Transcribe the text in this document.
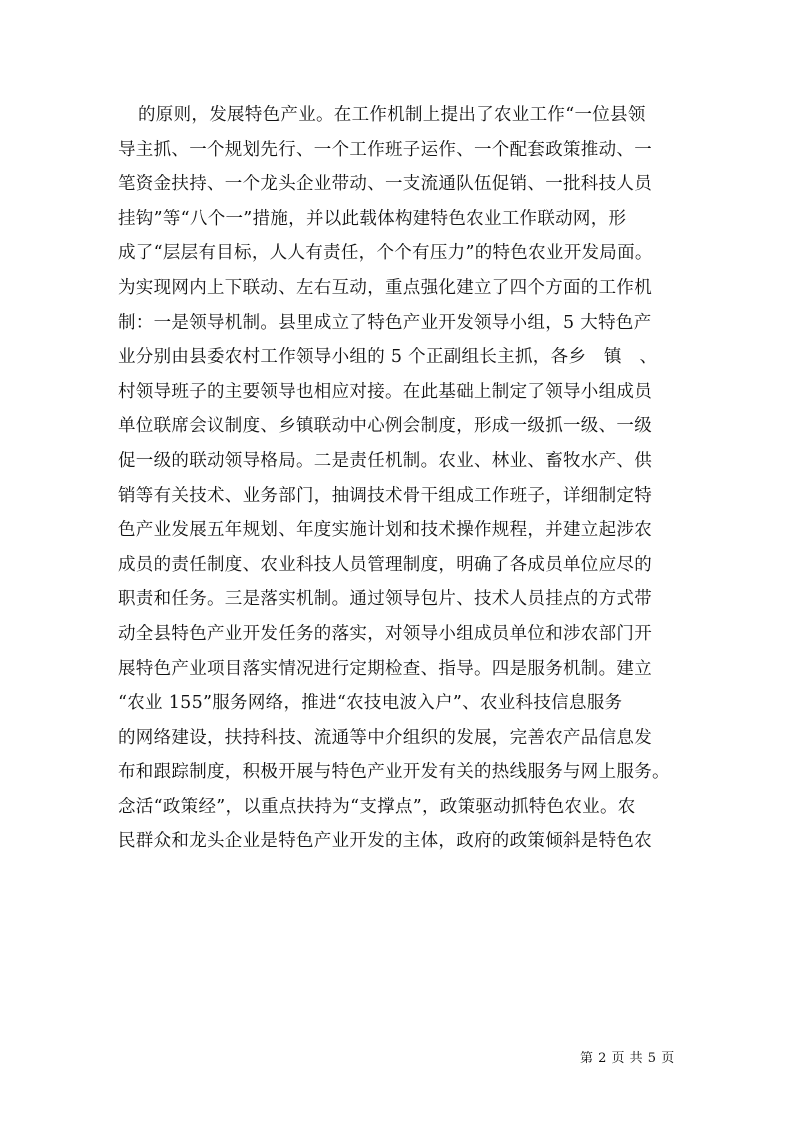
的原则，发展特色产业。在工作机制上提出了农业工作“一位县领
导主抓、一个规划先行、一个工作班子运作、一个配套政策推动、一
笔资金扶持、一个龙头企业带动、一支流通队伍促销、一批科技人员
挂钩”等“八个一”措施，并以此载体构建特色农业工作联动网，形
成了“层层有目标，人人有责任，个个有压力”的特色农业开发局面。
为实现网内上下联动、左右互动，重点强化建立了四个方面的工作机
制：一是领导机制。县里成立了特色产业开发领导小组，5 大特色产
业分别由县委农村工作领导小组的 5 个正副组长主抓，各乡　镇　、
村领导班子的主要领导也相应对接。在此基础上制定了领导小组成员
单位联席会议制度、乡镇联动中心例会制度，形成一级抓一级、一级
促一级的联动领导格局。二是责任机制。农业、林业、畜牧水产、供
销等有关技术、业务部门，抽调技术骨干组成工作班子，详细制定特
色产业发展五年规划、年度实施计划和技术操作规程，并建立起涉农
成员的责任制度、农业科技人员管理制度，明确了各成员单位应尽的
职责和任务。三是落实机制。通过领导包片、技术人员挂点的方式带
动全县特色产业开发任务的落实，对领导小组成员单位和涉农部门开
展特色产业项目落实情况进行定期检查、指导。四是服务机制。建立
“农业 155”服务网络，推进“农技电波入户”、农业科技信息服务
的网络建设，扶持科技、流通等中介组织的发展，完善农产品信息发
布和跟踪制度，积极开展与特色产业开发有关的热线服务与网上服务。
念活“政策经”，以重点扶持为“支撑点”，政策驱动抓特色农业。农
民群众和龙头企业是特色产业开发的主体，政府的政策倾斜是特色农
第 2 页 共 5 页
